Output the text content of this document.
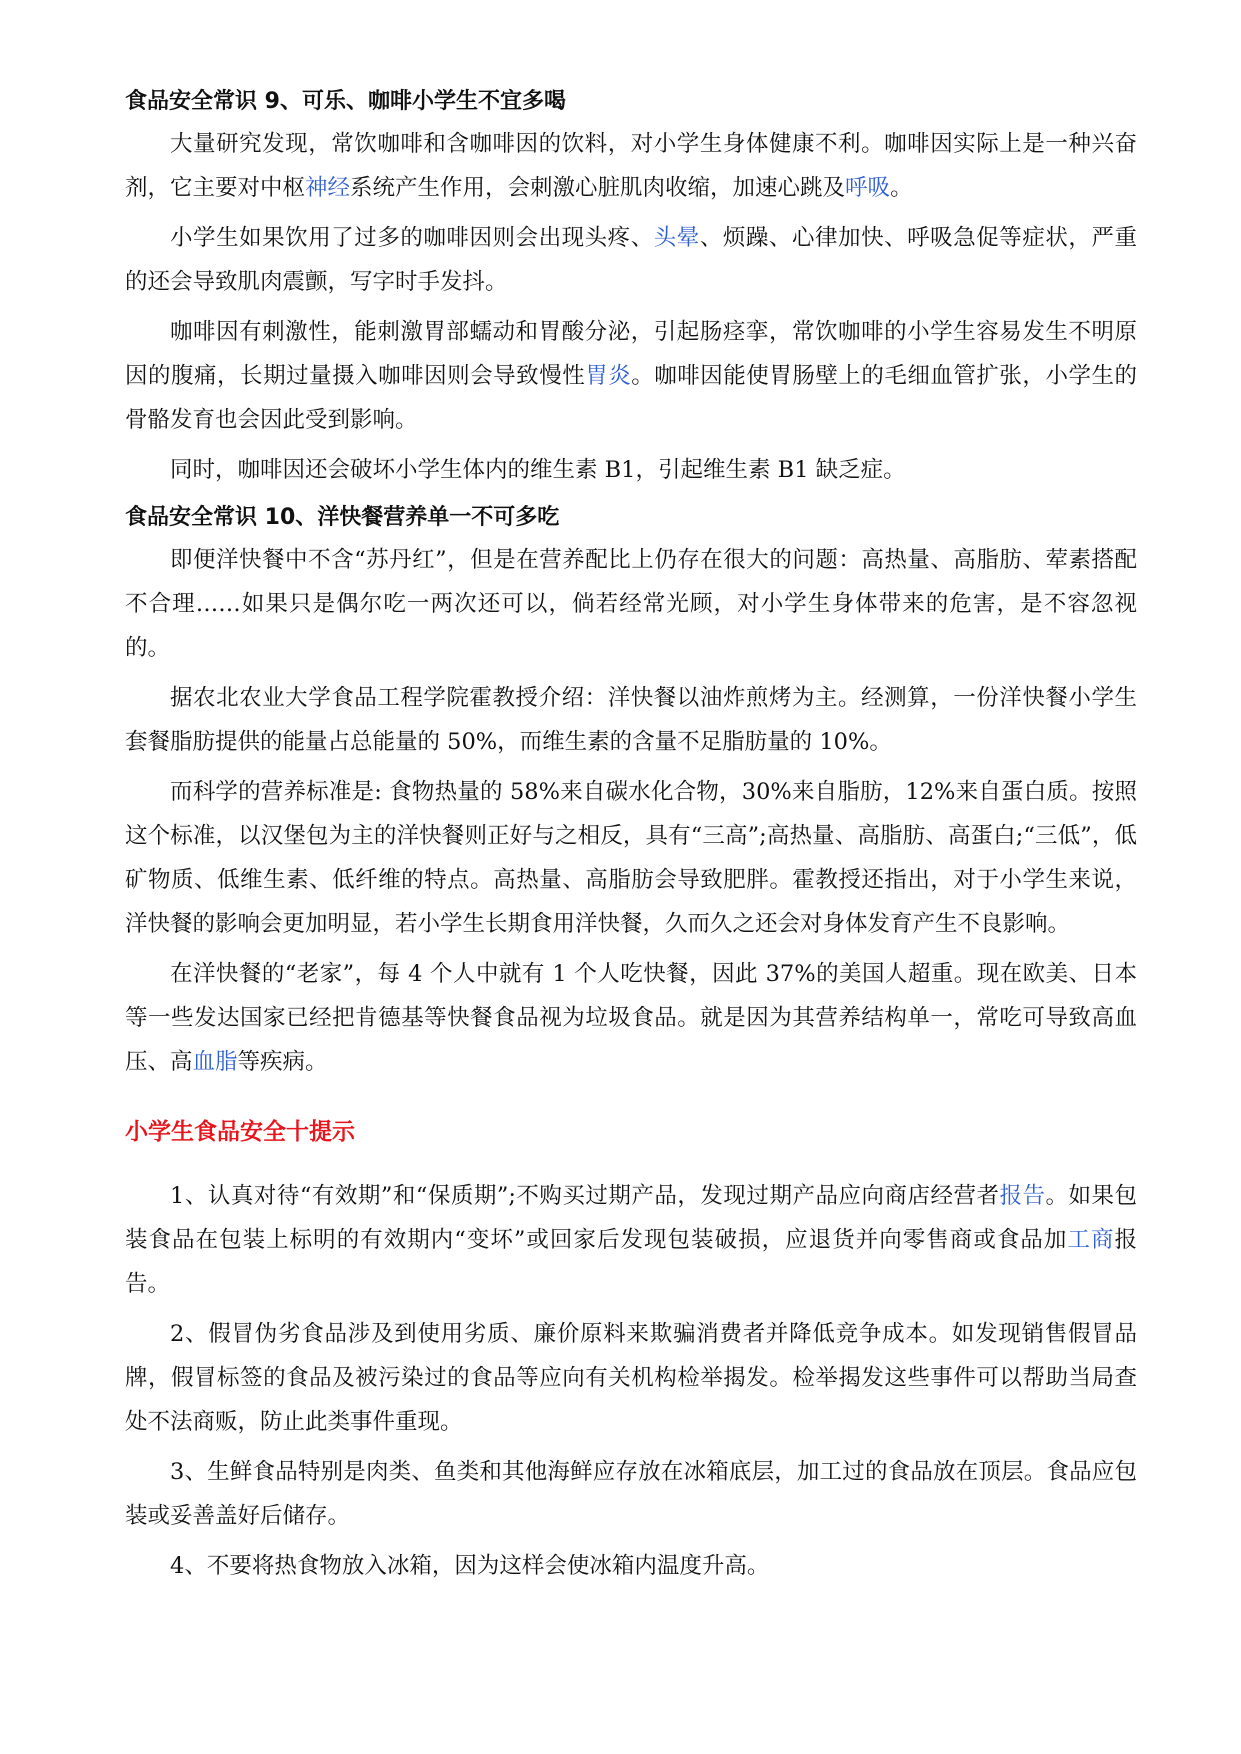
食品安全常识 9、可乐、咖啡小学生不宜多喝

大量研究发现，常饮咖啡和含咖啡因的饮料，对小学生身体健康不利。咖啡因实际上是一种兴奋剂，它主要对中枢神经系统产生作用，会刺激心脏肌肉收缩，加速心跳及呼吸。

小学生如果饮用了过多的咖啡因则会出现头疼、头晕、烦躁、心律加快、呼吸急促等症状，严重的还会导致肌肉震颤，写字时手发抖。

咖啡因有刺激性，能刺激胃部蠕动和胃酸分泌，引起肠痉挛，常饮咖啡的小学生容易发生不明原因的腹痛，长期过量摄入咖啡因则会导致慢性胃炎。咖啡因能使胃肠壁上的毛细血管扩张，小学生的骨骼发育也会因此受到影响。

同时，咖啡因还会破坏小学生体内的维生素 B1，引起维生素 B1 缺乏症。

食品安全常识 10、洋快餐营养单一不可多吃

即便洋快餐中不含“苏丹红”，但是在营养配比上仍存在很大的问题：高热量、高脂肪、荤素搭配不合理……如果只是偶尔吃一两次还可以，倘若经常光顾，对小学生身体带来的危害，是不容忽视的。

据农北农业大学食品工程学院霍教授介绍：洋快餐以油炸煎烤为主。经测算，一份洋快餐小学生套餐脂肪提供的能量占总能量的 50%，而维生素的含量不足脂肪量的 10%。

而科学的营养标准是: 食物热量的 58%来自碳水化合物，30%来自脂肪，12%来自蛋白质。按照这个标准，以汉堡包为主的洋快餐则正好与之相反，具有“三高”;高热量、高脂肪、高蛋白;“三低”，低矿物质、低维生素、低纤维的特点。高热量、高脂肪会导致肥胖。霍教授还指出，对于小学生来说，洋快餐的影响会更加明显，若小学生长期食用洋快餐，久而久之还会对身体发育产生不良影响。

在洋快餐的“老家”，每 4 个人中就有 1 个人吃快餐，因此 37%的美国人超重。现在欧美、日本等一些发达国家已经把肯德基等快餐食品视为垃圾食品。就是因为其营养结构单一，常吃可导致高血压、高血脂等疾病。

小学生食品安全十提示

1、认真对待“有效期”和“保质期”;不购买过期产品，发现过期产品应向商店经营者报告。如果包装食品在包装上标明的有效期内“变坏”或回家后发现包装破损，应退货并向零售商或食品加工商报告。

2、假冒伪劣食品涉及到使用劣质、廉价原料来欺骗消费者并降低竞争成本。如发现销售假冒品牌，假冒标签的食品及被污染过的食品等应向有关机构检举揭发。检举揭发这些事件可以帮助当局查处不法商贩，防止此类事件重现。

3、生鲜食品特别是肉类、鱼类和其他海鲜应存放在冰箱底层，加工过的食品放在顶层。食品应包装或妥善盖好后储存。

4、不要将热食物放入冰箱，因为这样会使冰箱内温度升高。
